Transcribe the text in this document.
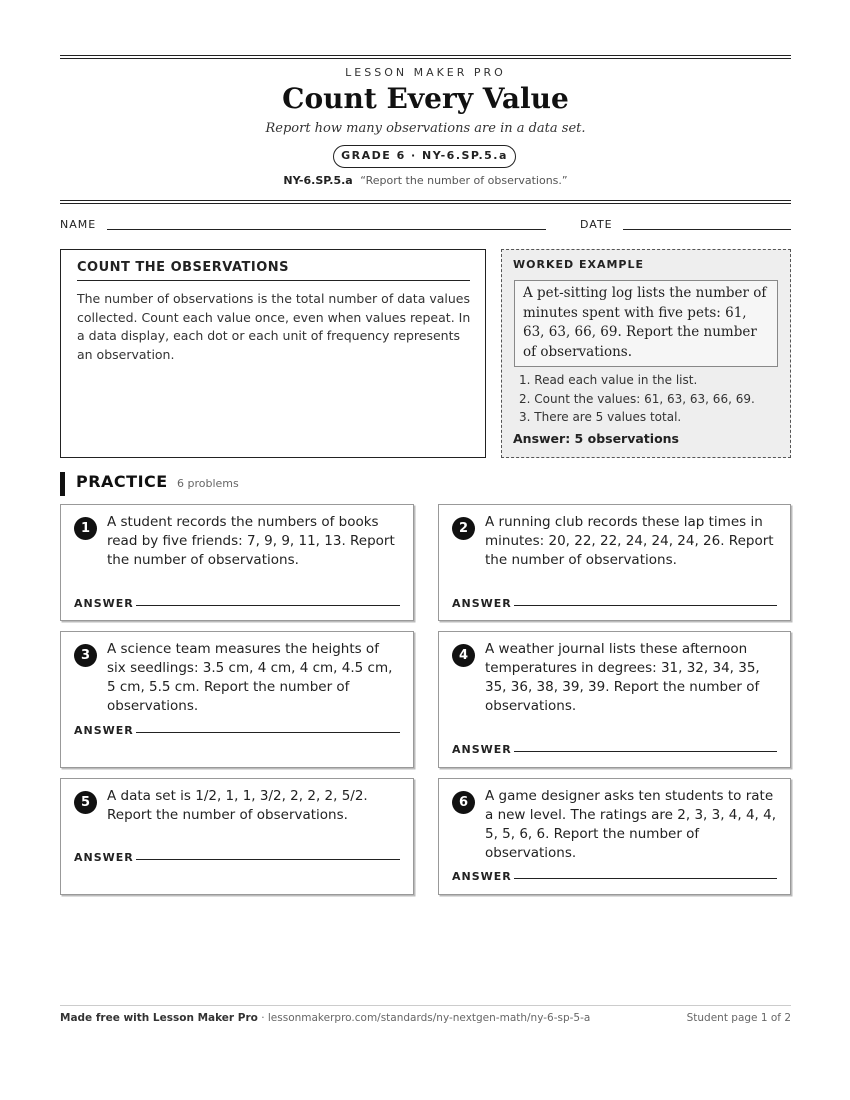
LESSON MAKER PRO
Count Every Value
Report how many observations are in a data set.
GRADE 6 · NY-6.SP.5.a
NY-6.SP.5.a “Report the number of observations.”
NAME	DATE
COUNT THE OBSERVATIONS
The number of observations is the total number of data values collected. Count each value once, even when values repeat. In a data display, each dot or each unit of frequency represents an observation.
WORKED EXAMPLE
A pet-sitting log lists the number of minutes spent with five pets: 61, 63, 63, 66, 69. Report the number of observations.
1. Read each value in the list.
2. Count the values: 61, 63, 63, 66, 69.
3. There are 5 values total.
Answer: 5 observations
PRACTICE 6 problems
1	A student records the numbers of books read by five friends: 7, 9, 9, 11, 13. Report the number of observations.
ANSWER
2	A running club records these lap times in minutes: 20, 22, 22, 24, 24, 24, 26. Report the number of observations.
ANSWER
3	A science team measures the heights of six seedlings: 3.5 cm, 4 cm, 4 cm, 4.5 cm, 5 cm, 5.5 cm. Report the number of observations.
ANSWER
4	A weather journal lists these afternoon temperatures in degrees: 31, 32, 34, 35, 35, 36, 38, 39, 39. Report the number of observations.
ANSWER
5	A data set is 1/2, 1, 1, 3/2, 2, 2, 2, 5/2. Report the number of observations.
ANSWER
6	A game designer asks ten students to rate a new level. The ratings are 2, 3, 3, 4, 4, 4, 5, 5, 6, 6. Report the number of observations.
ANSWER
Made free with Lesson Maker Pro · lessonmakerpro.com/standards/ny-nextgen-math/ny-6-sp-5-a	Student page 1 of 2
